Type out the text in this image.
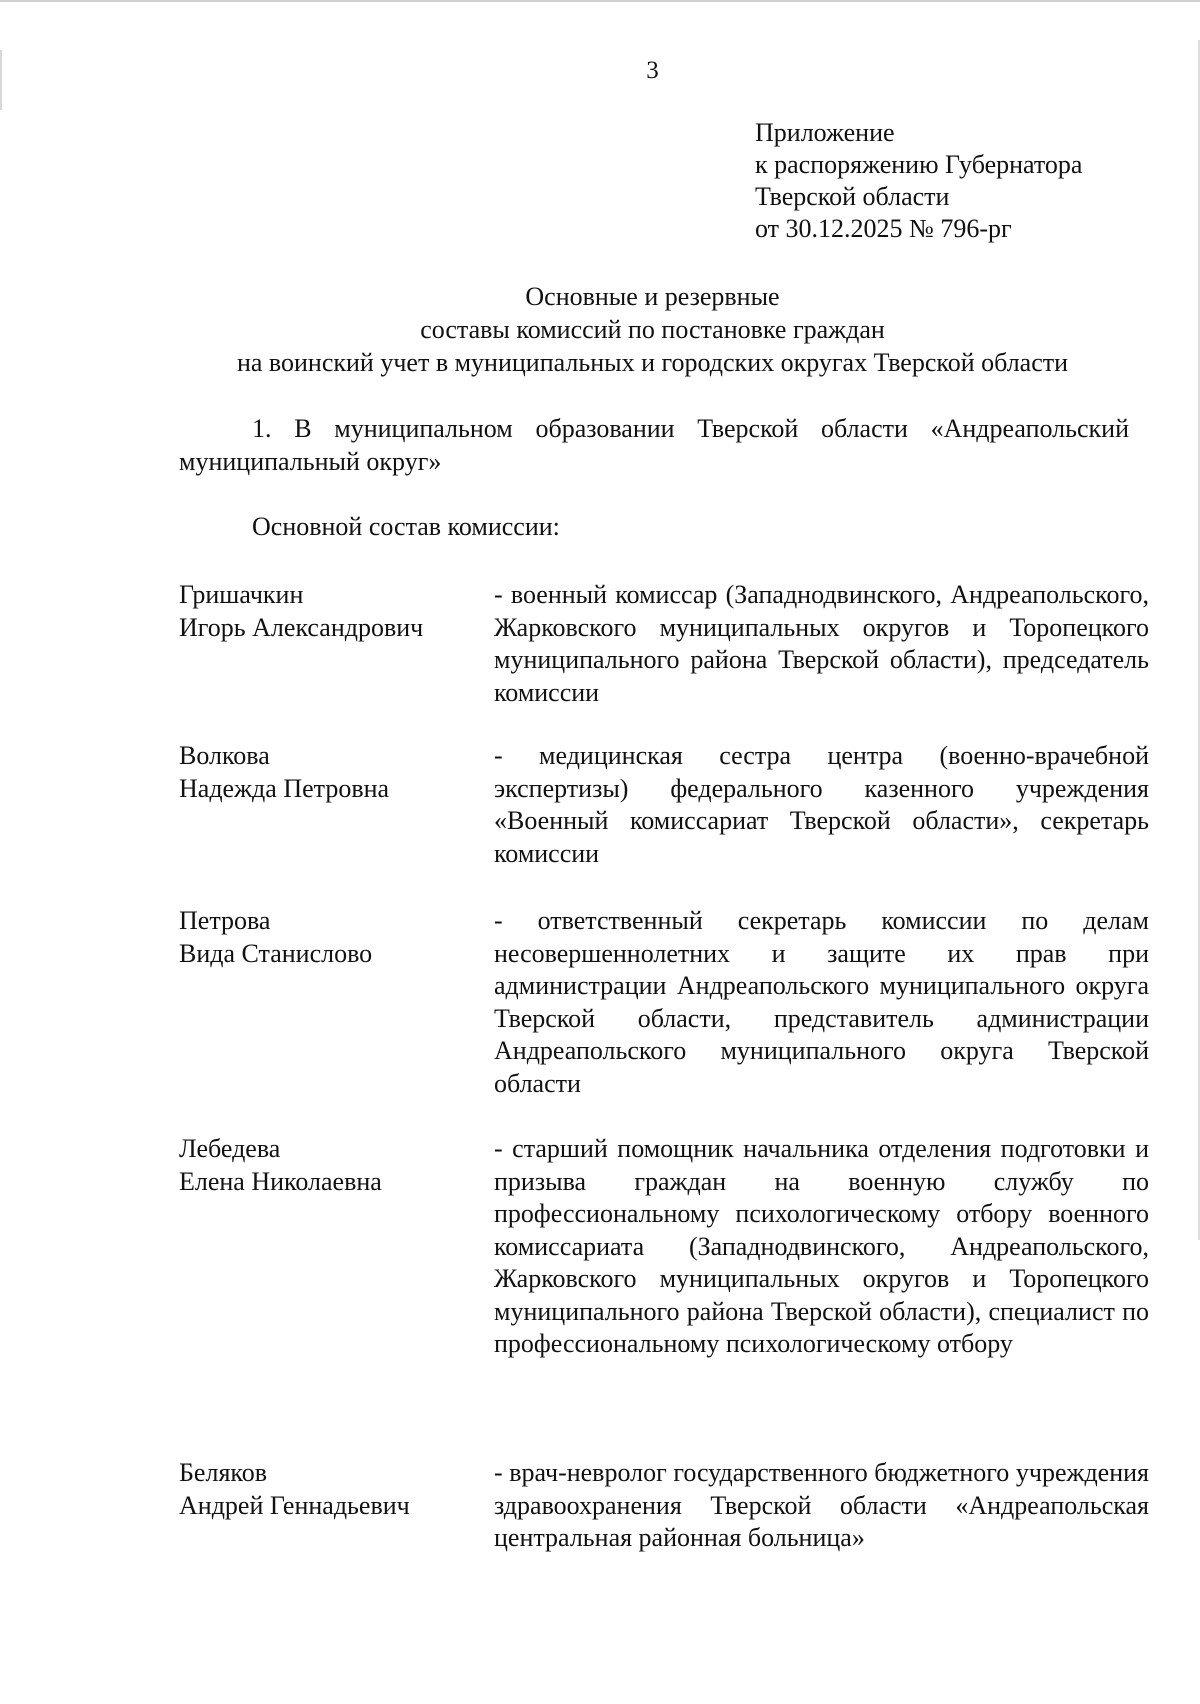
3
Приложение
к распоряжению Губернатора
Тверской области
от 30.12.2025 № 796-рг
Основные и резервные
составы комиссий по постановке граждан
на воинский учет в муниципальных и городских округах Тверской области
1. В муниципальном образовании Тверской области «Андреапольский муниципальный округ»
Основной состав комиссии:
Гришачкин
Игорь Александрович
- военный комиссар (Западнодвинского, Андреапольского, Жарковского муниципальных округов и Торопецкого муниципального района Тверской области), председатель комиссии
Волкова
Надежда Петровна
- медицинская сестра центра (военно-врачебной экспертизы) федерального казенного учреждения «Военный комиссариат Тверской области», секретарь комиссии
Петрова
Вида Станислово
- ответственный секретарь комиссии по делам несовершеннолетних и защите их прав при администрации Андреапольского муниципального округа Тверской области, представитель администрации Андреапольского муниципального округа Тверской области
Лебедева
Елена Николаевна
- старший помощник начальника отделения подготовки и призыва граждан на военную службу по профессиональному психологическому отбору военного комиссариата (Западнодвинского, Андреапольского, Жарковского муниципальных округов и Торопецкого муниципального района Тверской области), специалист по профессиональному психологическому отбору
Беляков
Андрей Геннадьевич
- врач-невролог государственного бюджетного учреждения здравоохранения Тверской области «Андреапольская центральная районная больница»
